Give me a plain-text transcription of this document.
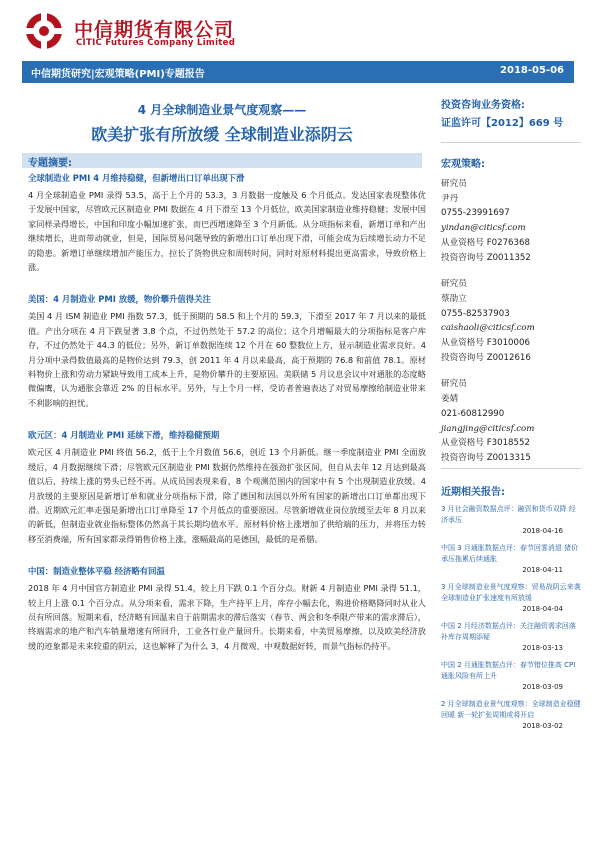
中信期货有限公司
CITIC Futures Company Limited
中信期货研究|宏观策略(PMI)专题报告	2018-05-06
4 月全球制造业景气度观察——
欧美扩张有所放缓 全球制造业添阴云
专题摘要:
全球制造业 PMI 4 月维持稳健，但新增出口订单出现下滑
4 月全球制造业 PMI 录得 53.5，高于上个月的 53.3，3 月数据一度触及 6 个月低点。发达国家表现整体优于发展中国家，尽管欧元区制造业 PMI 数据在 4 月下滑至 13 个月低位，欧美国家制造业维持稳健；发展中国家同样录得增长，中国和印度小幅加速扩张，而巴西增速降至 3 个月新低。从分项指标来看，新增订单和产出继续增长，进而带动就业，但是，国际贸易问题导致的新增出口订单出现下滑，可能会成为后续增长动力不足的隐患。新增订单继续增加产能压力，拉长了货物供应和周转时间，同时对原材料提出更高需求，导致价格上涨。
美国：4 月制造业 PMI 放缓，物价攀升值得关注
美国 4 月 ISM 制造业 PMI 指数 57.3，低于预期的 58.5 和上个月的 59.3，下滑至 2017 年 7 月以来的最低值。产出分项在 4 月下跌显著 3.8 个点，不过仍然处于 57.2 的高位；这个月增幅最大的分项指标是客户库存，不过仍然处于 44.3 的低位；另外，新订单数据连续 12 个月在 60 整数位上方，显示制造业需求良好。4 月分项中录得数值最高的是物价达到 79.3，创 2011 年 4 月以来最高，高于预期的 76.8 和前值 78.1。原材料物价上涨和劳动力紧缺导致用工成本上升，是物价攀升的主要原因。美联储 5 月议息会议中对通胀的态度略微偏鹰，认为通胀会靠近 2% 的目标水平。另外，与上个月一样，受访者普遍表达了对贸易摩擦给制造业带来不利影响的担忧。
欧元区：4 月制造业 PMI 延续下滑，维持稳健预期
欧元区 4 月制造业 PMI 终值 56.2，低于上个月数值 56.6，创近 13 个月新低。继一季度制造业 PMI 全面放缓后，4 月数据继续下滑；尽管欧元区制造业 PMI 数据仍然维持在强劲扩张区间，但自从去年 12 月达到最高值以后，持续上涨的势头已经不再。从成员国表现来看，8 个观测范围内的国家中有 5 个出现制造业放缓。4 月放缓的主要原因是新增订单和就业分项指标下滑，除了德国和法国以外所有国家的新增出口订单都出现下滑。近期欧元汇率走强是新增出口订单降至 17 个月低点的重要原因。尽管新增就业岗位放缓至去年 8 月以来的新低，但制造业就业指标整体仍然高于其长期均值水平。原材料价格上涨增加了供给端的压力，并将压力转移至消费端，所有国家都录得销售价格上涨，涨幅最高的是德国，最低的是希腊。
中国：制造业整体平稳 经济略有回温
2018 年 4 月中国官方制造业 PMI 录得 51.4，较上月下跌 0.1 个百分点。财新 4 月制造业 PMI 录得 51.1，较上月上涨 0.1 个百分点。从分项来看，需求下降，生产持平上月，库存小幅去化，购进价格略降同时从业人员有所回落。短期来看，经济略有回温来自于前期需求的滞后落实（春节、两会和冬季限产带来的需求滞后），终端需求的地产和汽车销量增速有所回升，工业各行业产量回升。长期来看，中美贸易摩擦，以及欧美经济放缓的迹象都是未来较重的阴云，这也解释了为什么 3、4 月微观、中观数据好转，而景气指标仍持平。
投资咨询业务资格:
证监许可【2012】669 号
宏观策略:
研究员
尹丹
0755-23991697
yindan@citicsf.com
从业资格号 F0276368
投资咨询号 Z0011352
研究员
蔡劭立
0755-82537903
caishaoli@citicsf.com
从业资格号 F3010006
投资咨询号 Z0012616
研究员
姜婧
021-60812990
jiangjing@citicsf.com
从业资格号 F3018552
投资咨询号 Z0013315
近期相关报告:
3 月社会融资数据点评：融资和货币双降 经济承压
2018-04-16
中国 3 月通胀数据点评：春节回雾消退 猪价承压拖累后续通胀
2018-04-11
3 月全球制造业景气度观察：贸易战阴云来袭 全球制造业扩张速度有所放缓
2018-04-04
中国 2 月经济数据点评：关注融资需求回落 补库存周期添疑
2018-03-13
中国 2 月通胀数据点评：春节错位推高 CPI 通胀风险有所上升
2018-03-09
2 月全球制造业景气度观察：全球制造业稳健回暖 新一轮扩张周期或将开启
2018-03-02
